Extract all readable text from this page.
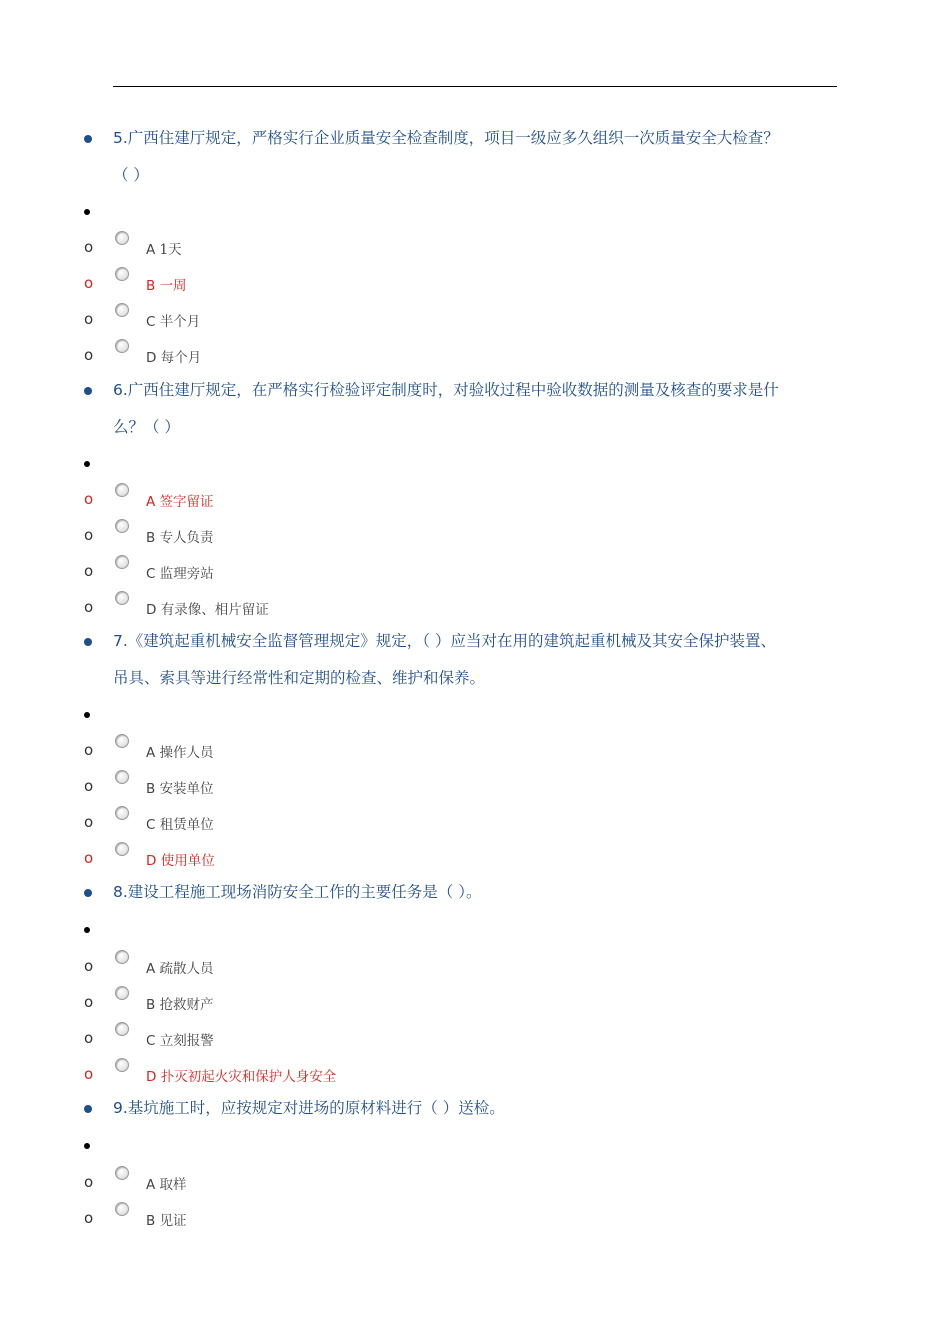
5.广西住建厅规定，严格实行企业质量安全检查制度，项目一级应多久组织一次质量安全大检查？
（ ）
o	A 1天
o	B 一周
o	C 半个月
o	D 每个月
6.广西住建厅规定，在严格实行检验评定制度时，对验收过程中验收数据的测量及核查的要求是什
么？（ ）
o	A 签字留证
o	B 专人负责
o	C 监理旁站
o	D 有录像、相片留证
7.《建筑起重机械安全监督管理规定》规定，（ ）应当对在用的建筑起重机械及其安全保护装置、
吊具、索具等进行经常性和定期的检查、维护和保养。
o	A 操作人员
o	B 安装单位
o	C 租赁单位
o	D 使用单位
8.建设工程施工现场消防安全工作的主要任务是（ ）。
o	A 疏散人员
o	B 抢救财产
o	C 立刻报警
o	D 扑灭初起火灾和保护人身安全
9.基坑施工时，应按规定对进场的原材料进行（ ）送检。
o	A 取样
o	B 见证
